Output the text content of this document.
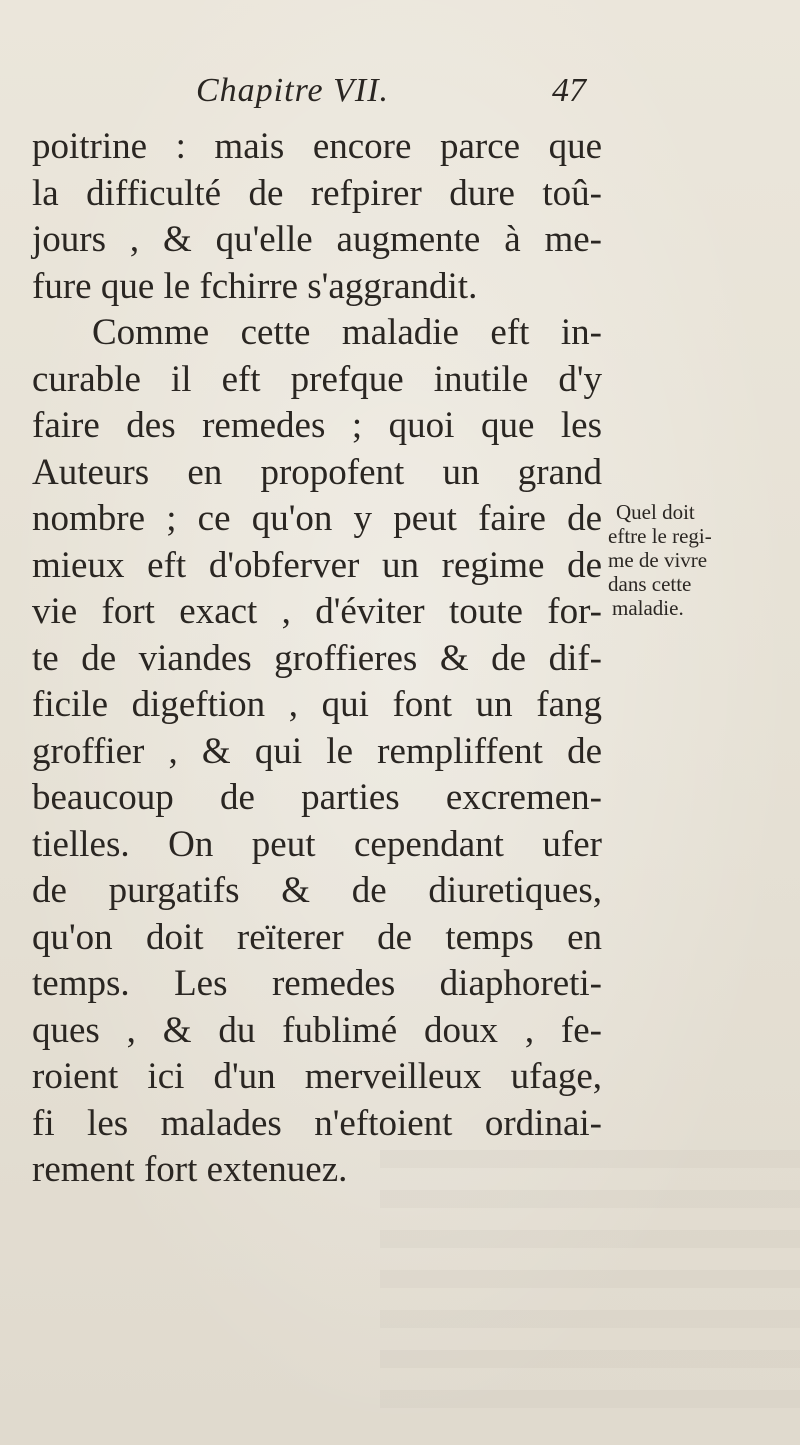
Chapitre VII.	47
poitrine : mais encore parce que
la difficulté de refpirer dure toû-
jours , & qu'elle augmente à me-
fure que le fchirre s'aggrandit.
Comme cette maladie eft in-
curable il eft prefque inutile d'y
faire des remedes ; quoi que les
Auteurs en propofent un grand
nombre ; ce qu'on y peut faire de
mieux eft d'obferver un regime de
vie fort exact , d'éviter toute for-
te de viandes groffieres & de dif-
ficile digeftion , qui font un fang
groffier , & qui le rempliffent de
beaucoup de parties excremen-
tielles. On peut cependant ufer
de purgatifs & de diuretiques,
qu'on doit reïterer de temps en
temps. Les remedes diaphoreti-
ques , & du fublimé doux , fe-
roient ici d'un merveilleux ufage,
fi les malades n'eftoient ordinai-
rement fort extenuez.
Quel doit
eftre le regi-
me de vivre
dans cette
maladie.
